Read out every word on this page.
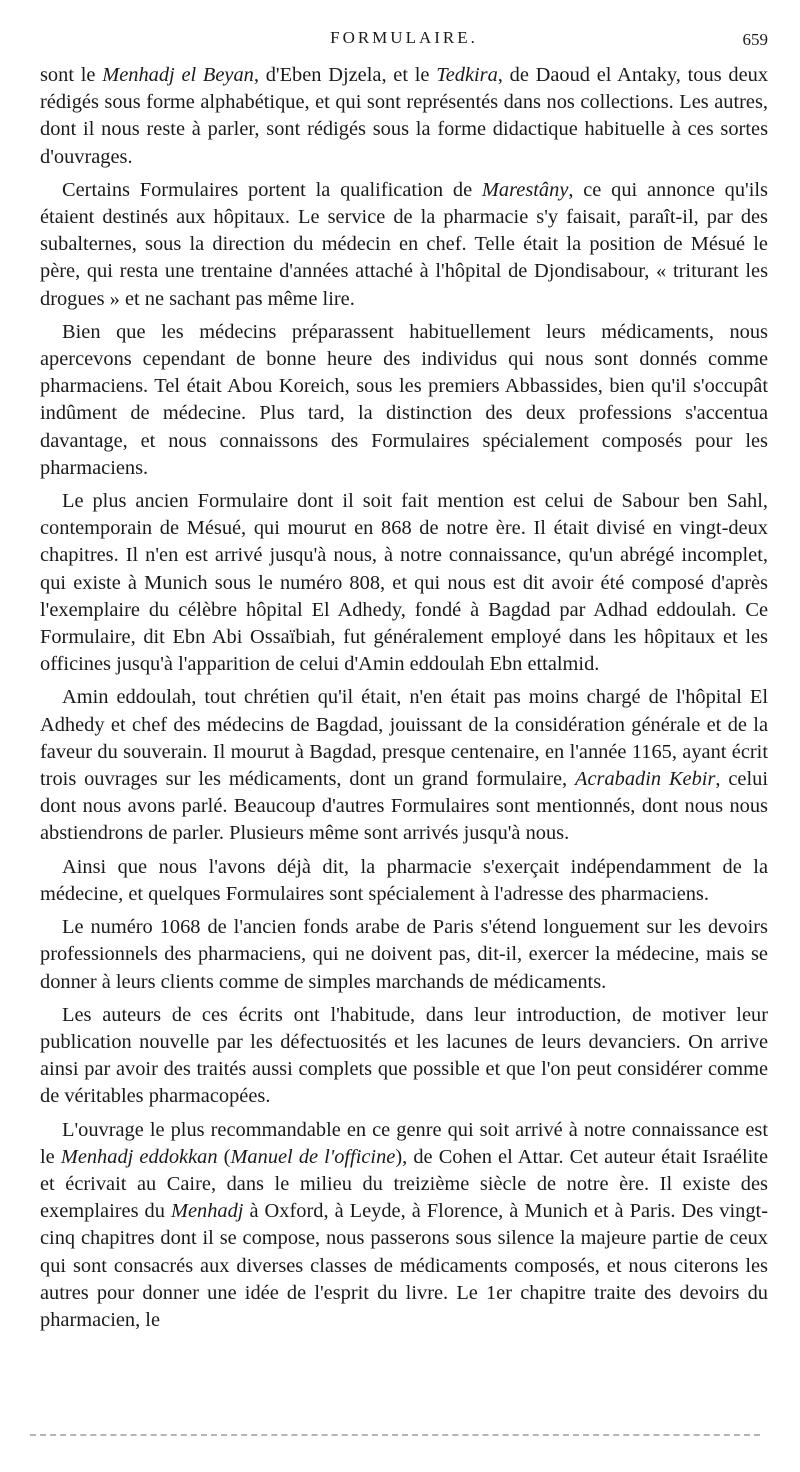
FORMULAIRE.	659

sont le Menhadj el Beyan, d'Eben Djzela, et le Tedkira, de Daoud el Antaky, tous deux rédigés sous forme alphabétique, et qui sont représentés dans nos collections. Les autres, dont il nous reste à parler, sont rédigés sous la forme didactique habituelle à ces sortes d'ouvrages.

Certains Formulaires portent la qualification de Marestâny, ce qui annonce qu'ils étaient destinés aux hôpitaux. Le service de la pharmacie s'y faisait, paraît-il, par des subalternes, sous la direction du médecin en chef. Telle était la position de Mésué le père, qui resta une trentaine d'années attaché à l'hôpital de Djondisabour, « triturant les drogues » et ne sachant pas même lire.

Bien que les médecins préparassent habituellement leurs médicaments, nous apercevons cependant de bonne heure des individus qui nous sont donnés comme pharmaciens. Tel était Abou Koreich, sous les premiers Abbassides, bien qu'il s'occupât indûment de médecine. Plus tard, la distinction des deux professions s'accentua davantage, et nous connaissons des Formulaires spécialement composés pour les pharmaciens.

Le plus ancien Formulaire dont il soit fait mention est celui de Sabour ben Sahl, contemporain de Mésué, qui mourut en 868 de notre ère. Il était divisé en vingt-deux chapitres. Il n'en est arrivé jusqu'à nous, à notre connaissance, qu'un abrégé incomplet, qui existe à Munich sous le numéro 808, et qui nous est dit avoir été composé d'après l'exemplaire du célèbre hôpital El Adhedy, fondé à Bagdad par Adhad eddoulah. Ce Formulaire, dit Ebn Abi Ossaïbiah, fut généralement employé dans les hôpitaux et les officines jusqu'à l'apparition de celui d'Amin eddoulah Ebn ettalmid.

Amin eddoulah, tout chrétien qu'il était, n'en était pas moins chargé de l'hôpital El Adhedy et chef des médecins de Bagdad, jouissant de la considération générale et de la faveur du souverain. Il mourut à Bagdad, presque centenaire, en l'année 1165, ayant écrit trois ouvrages sur les médicaments, dont un grand formulaire, Acrabadin Kebir, celui dont nous avons parlé. Beaucoup d'autres Formulaires sont mentionnés, dont nous nous abstiendrons de parler. Plusieurs même sont arrivés jusqu'à nous.

Ainsi que nous l'avons déjà dit, la pharmacie s'exerçait indépendamment de la médecine, et quelques Formulaires sont spécialement à l'adresse des pharmaciens.

Le numéro 1068 de l'ancien fonds arabe de Paris s'étend longuement sur les devoirs professionnels des pharmaciens, qui ne doivent pas, dit-il, exercer la médecine, mais se donner à leurs clients comme de simples marchands de médicaments.

Les auteurs de ces écrits ont l'habitude, dans leur introduction, de motiver leur publication nouvelle par les défectuosités et les lacunes de leurs devanciers. On arrive ainsi par avoir des traités aussi complets que possible et que l'on peut considérer comme de véritables pharmacopées.

L'ouvrage le plus recommandable en ce genre qui soit arrivé à notre connaissance est le Menhadj eddokkan (Manuel de l'officine), de Cohen el Attar. Cet auteur était Israélite et écrivait au Caire, dans le milieu du treizième siècle de notre ère. Il existe des exemplaires du Menhadj à Oxford, à Leyde, à Florence, à Munich et à Paris. Des vingt-cinq chapitres dont il se compose, nous passerons sous silence la majeure partie de ceux qui sont consacrés aux diverses classes de médicaments composés, et nous citerons les autres pour donner une idée de l'esprit du livre. Le 1er chapitre traite des devoirs du pharmacien, le
